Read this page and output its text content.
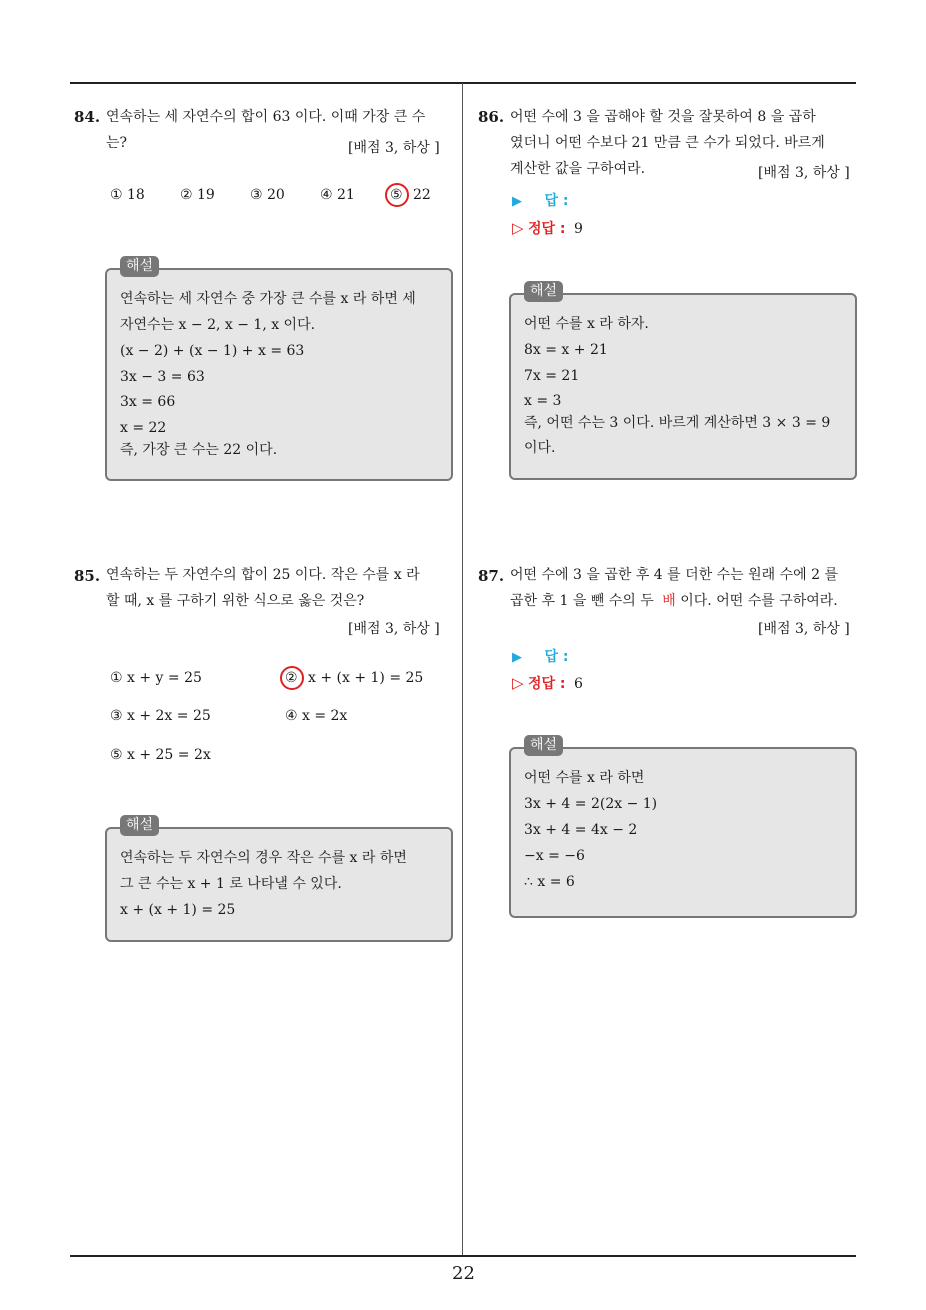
22
84. 연속하는 세 자연수의 합이 63 이다. 이때 가장 큰 수
는?	[배점 3, 하상 ]
① 18	② 19	③ 20	④ 21	⑤ 22
해설
연속하는 세 자연수 중 가장 큰 수를 x 라 하면 세
자연수는 x − 2, x − 1, x 이다.
(x − 2) + (x − 1) + x = 63
3x − 3 = 63
3x = 66
x = 22
즉, 가장 큰 수는 22 이다.
85. 연속하는 두 자연수의 합이 25 이다. 작은 수를 x 라
할 때, x 를 구하기 위한 식으로 옳은 것은?
[배점 3, 하상 ]
① x + y = 25	② x + (x + 1) = 25
③ x + 2x = 25	④ x = 2x
⑤ x + 25 = 2x
해설
연속하는 두 자연수의 경우 작은 수를 x 라 하면
그 큰 수는 x + 1 로 나타낼 수 있다.
x + (x + 1) = 25
86. 어떤 수에 3 을 곱해야 할 것을 잘못하여 8 을 곱하
였더니 어떤 수보다 21 만큼 큰 수가 되었다. 바르게
계산한 값을 구하여라.	[배점 3, 하상 ]
▶ 답 :
▷ 정답 : 9
해설
어떤 수를 x 라 하자.
8x = x + 21
7x = 21
x = 3
즉, 어떤 수는 3 이다. 바르게 계산하면 3 × 3 = 9
이다.
87. 어떤 수에 3 을 곱한 후 4 를 더한 수는 원래 수에 2 를
곱한 후 1 을 뺀 수의 두 배 이다. 어떤 수를 구하여라.
[배점 3, 하상 ]
▶ 답 :
▷ 정답 : 6
해설
어떤 수를 x 라 하면
3x + 4 = 2(2x − 1)
3x + 4 = 4x − 2
−x = −6
∴ x = 6
